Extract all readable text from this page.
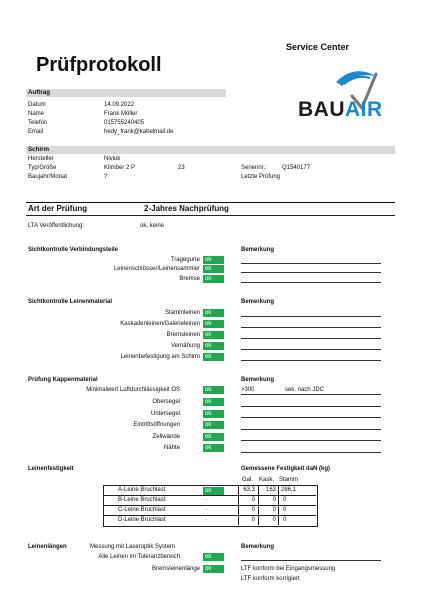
Service Center
Prüfprotokoll
BAUAIR
Auftrag
Datum	14.09.2022
Name	Frank Möller
Telefon	015755240405
Email	hedy_frank@kabelmail.de
Schirm
Hersteller	Niviuk
Typ/Größe	Klimber 2 P	23	Seriennr.:	Q1540177
Baujahr/Monat	?	Letzte Prüfung
Art der Prüfung	2-Jahres Nachprüfung
LTA Veröffentlichung:	ok, keine
Sichtkontrolle Verbindungsteile	Bemerkung
Tragegurte ok
Leinenschlösser/Leinensammler ok
Bremse ok
Sichtkontrolle Leinenmaterial	Bemerkung
Stammleinen ok
Kaskadenleinen/Galerieleinen ok
Bremsleinen ok
Vernähung ok
Leinenbefestigung am Schirm ok
Prüfung Kappenmaterial	Bemerkung
Minimalwert Luftdurchlässigkeit OS	ok	>300	sek. nach JDC
Obersegel	ok
Untersegel	ok
Eintrittsöffnungen	ok
Zellwände	ok
Nähte	ok
Leinenfestigkeit	Gemessene Festigkeit daN (kg)
Gal. Kask. Stamm
A-Leine Bruchlast	ok	63,3 163 286,1
B-Leine Bruchlast	-	0	0 0
C-Leine Bruchlast	-	0	0 0
D-Leine Bruchlast	-	0	0 0
Leinenlängen	Messung mit Laseroptik System	Bemerkung
Alle Leinen im Toleranzbereich	ok
Bremsleinenlänge ok	LTF konform bei Eingangsmessung
LTF konform korrigiert
